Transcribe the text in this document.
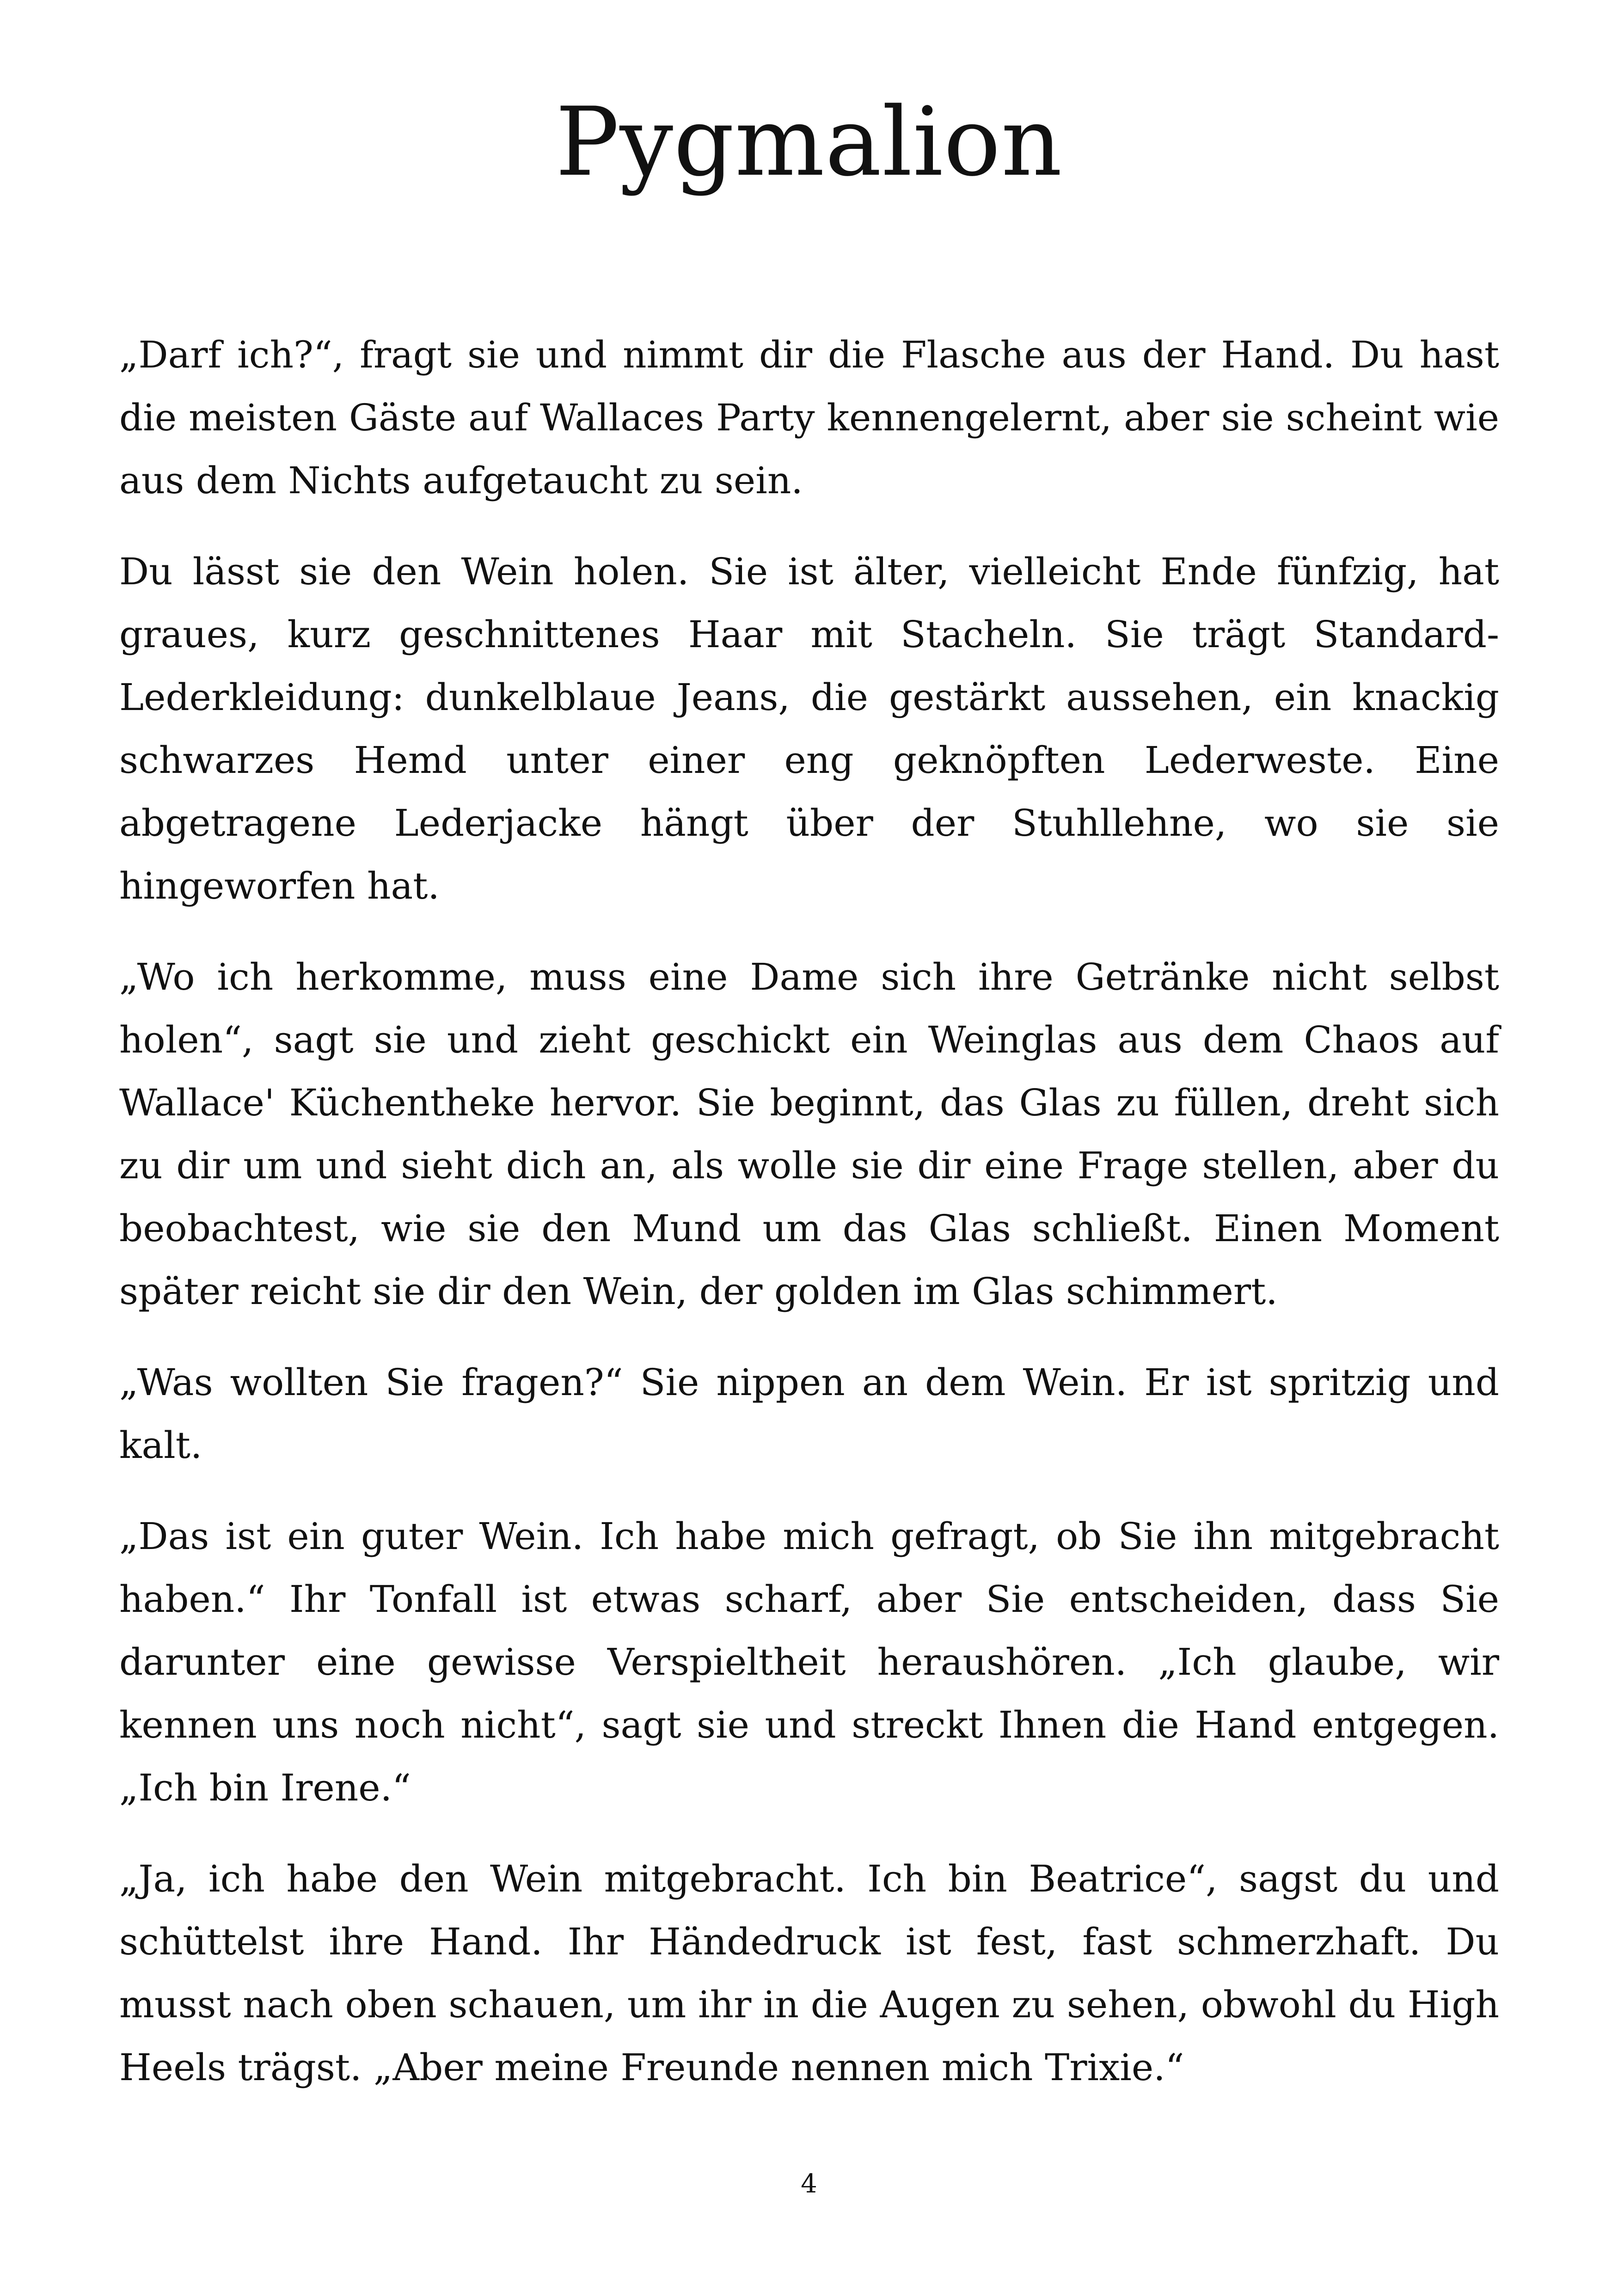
Pygmalion

„Darf ich?“, fragt sie und nimmt dir die Flasche aus der Hand. Du hast die meisten Gäste auf Wallaces Party kennengelernt, aber sie scheint wie aus dem Nichts aufgetaucht zu sein.

Du lässt sie den Wein holen. Sie ist älter, vielleicht Ende fünfzig, hat graues, kurz geschnittenes Haar mit Stacheln. Sie trägt Standard-Lederkleidung: dunkelblaue Jeans, die gestärkt aussehen, ein knackig schwarzes Hemd unter einer eng geknöpften Lederweste. Eine abgetragene Lederjacke hängt über der Stuhllehne, wo sie sie hingeworfen hat.

„Wo ich herkomme, muss eine Dame sich ihre Getränke nicht selbst holen“, sagt sie und zieht geschickt ein Weinglas aus dem Chaos auf Wallace' Küchentheke hervor. Sie beginnt, das Glas zu füllen, dreht sich zu dir um und sieht dich an, als wolle sie dir eine Frage stellen, aber du beobachtest, wie sie den Mund um das Glas schließt. Einen Moment später reicht sie dir den Wein, der golden im Glas schimmert.

„Was wollten Sie fragen?“ Sie nippen an dem Wein. Er ist spritzig und kalt.

„Das ist ein guter Wein. Ich habe mich gefragt, ob Sie ihn mitgebracht haben.“ Ihr Tonfall ist etwas scharf, aber Sie entscheiden, dass Sie darunter eine gewisse Verspieltheit heraushören. „Ich glaube, wir kennen uns noch nicht“, sagt sie und streckt Ihnen die Hand entgegen. „Ich bin Irene.“

„Ja, ich habe den Wein mitgebracht. Ich bin Beatrice“, sagst du und schüttelst ihre Hand. Ihr Händedruck ist fest, fast schmerzhaft. Du musst nach oben schauen, um ihr in die Augen zu sehen, obwohl du High Heels trägst. „Aber meine Freunde nennen mich Trixie.“

4
